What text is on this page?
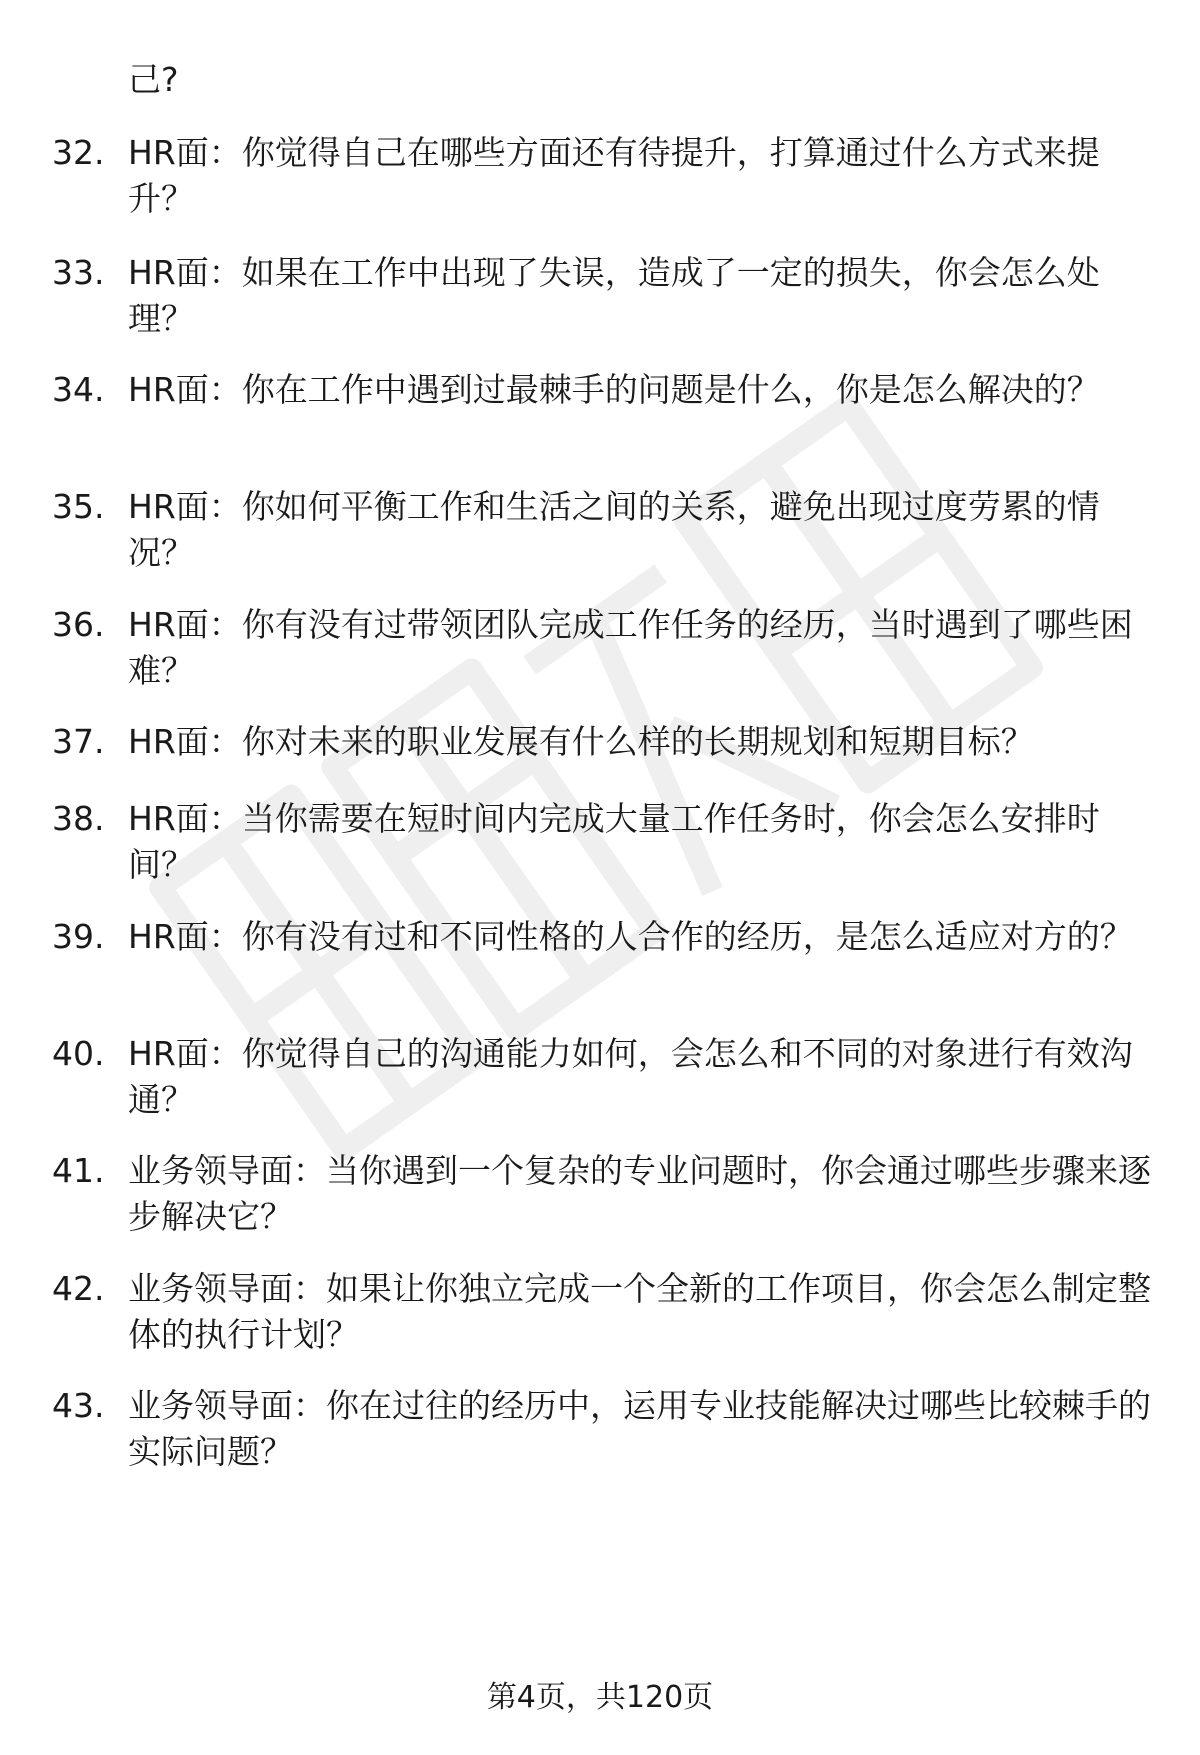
己?

32. HR面：你觉得自己在哪些方面还有待提升，打算通过什么方式来提升？
33. HR面：如果在工作中出现了失误，造成了一定的损失，你会怎么处理？
34. HR面：你在工作中遇到过最棘手的问题是什么，你是怎么解决的？
35. HR面：你如何平衡工作和生活之间的关系，避免出现过度劳累的情况？
36. HR面：你有没有过带领团队完成工作任务的经历，当时遇到了哪些困难？
37. HR面：你对未来的职业发展有什么样的长期规划和短期目标？
38. HR面：当你需要在短时间内完成大量工作任务时，你会怎么安排时间？
39. HR面：你有没有过和不同性格的人合作的经历，是怎么适应对方的？
40. HR面：你觉得自己的沟通能力如何，会怎么和不同的对象进行有效沟通？
41. 业务领导面：当你遇到一个复杂的专业问题时，你会通过哪些步骤来逐步解决它？
42. 业务领导面：如果让你独立完成一个全新的工作项目，你会怎么制定整体的执行计划？
43. 业务领导面：你在过往的经历中，运用专业技能解决过哪些比较棘手的实际问题？
第4页，共120页
